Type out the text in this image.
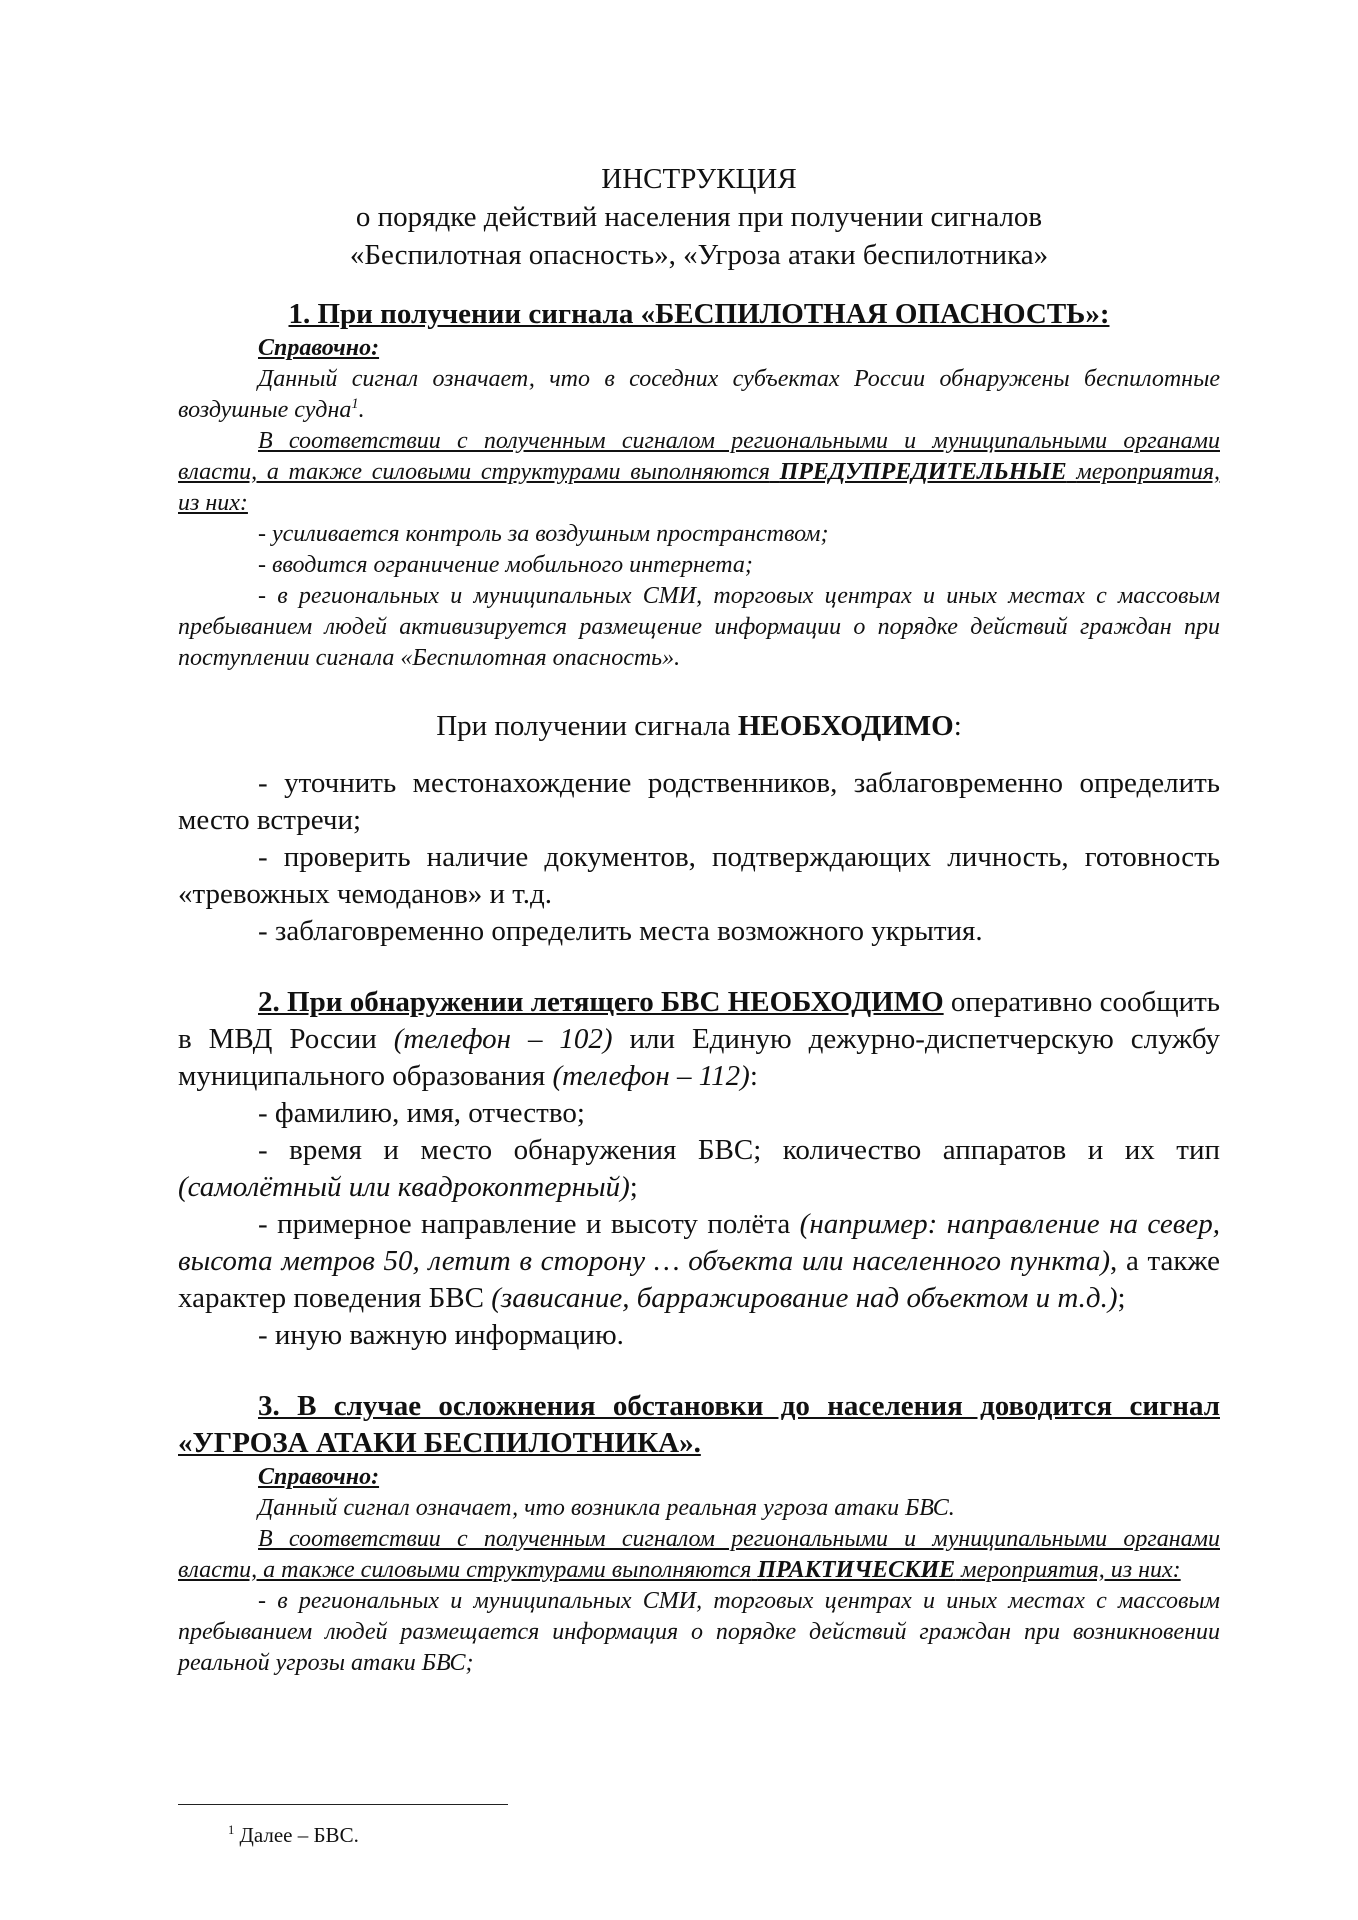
ИНСТРУКЦИЯ
о порядке действий населения при получении сигналов
«Беспилотная опасность», «Угроза атаки беспилотника»

1. При получении сигнала «БЕСПИЛОТНАЯ ОПАСНОСТЬ»:

Справочно:

Данный сигнал означает, что в соседних субъектах России обнаружены беспилотные воздушные судна$^1$.

В соответствии с полученным сигналом региональными и муниципальными органами власти, а также силовыми структурами выполняются ПРЕДУПРЕДИТЕЛЬНЫЕ мероприятия, из них:

- усиливается контроль за воздушным пространством;

- вводится ограничение мобильного интернета;

- в региональных и муниципальных СМИ, торговых центрах и иных местах с массовым пребыванием людей активизируется размещение информации о порядке действий граждан при поступлении сигнала «Беспилотная опасность».

При получении сигнала НЕОБХОДИМО:

- уточнить местонахождение родственников, заблаговременно определить место встречи;

- проверить наличие документов, подтверждающих личность, готовность «тревожных чемоданов» и т.д.

- заблаговременно определить места возможного укрытия.

2. При обнаружении летящего БВС НЕОБХОДИМО оперативно сообщить в МВД России (телефон – 102) или Единую дежурно-диспетчерскую службу муниципального образования (телефон – 112):

- фамилию, имя, отчество;

- время и место обнаружения БВС; количество аппаратов и их тип (самолётный или квадрокоптерный);

- примерное направление и высоту полёта (например: направление на север, высота метров 50, летит в сторону … объекта или населенного пункта), а также характер поведения БВС (зависание, барражирование над объектом и т.д.);

- иную важную информацию.

3. В случае осложнения обстановки до населения доводится сигнал «УГРОЗА АТАКИ БЕСПИЛОТНИКА».

Справочно:

Данный сигнал означает, что возникла реальная угроза атаки БВС.

В соответствии с полученным сигналом региональными и муниципальными органами власти, а также силовыми структурами выполняются ПРАКТИЧЕСКИЕ мероприятия, из них:

- в региональных и муниципальных СМИ, торговых центрах и иных местах с массовым пребыванием людей размещается информация о порядке действий граждан при возникновении реальной угрозы атаки БВС;

$^1$ Далее – БВС.
